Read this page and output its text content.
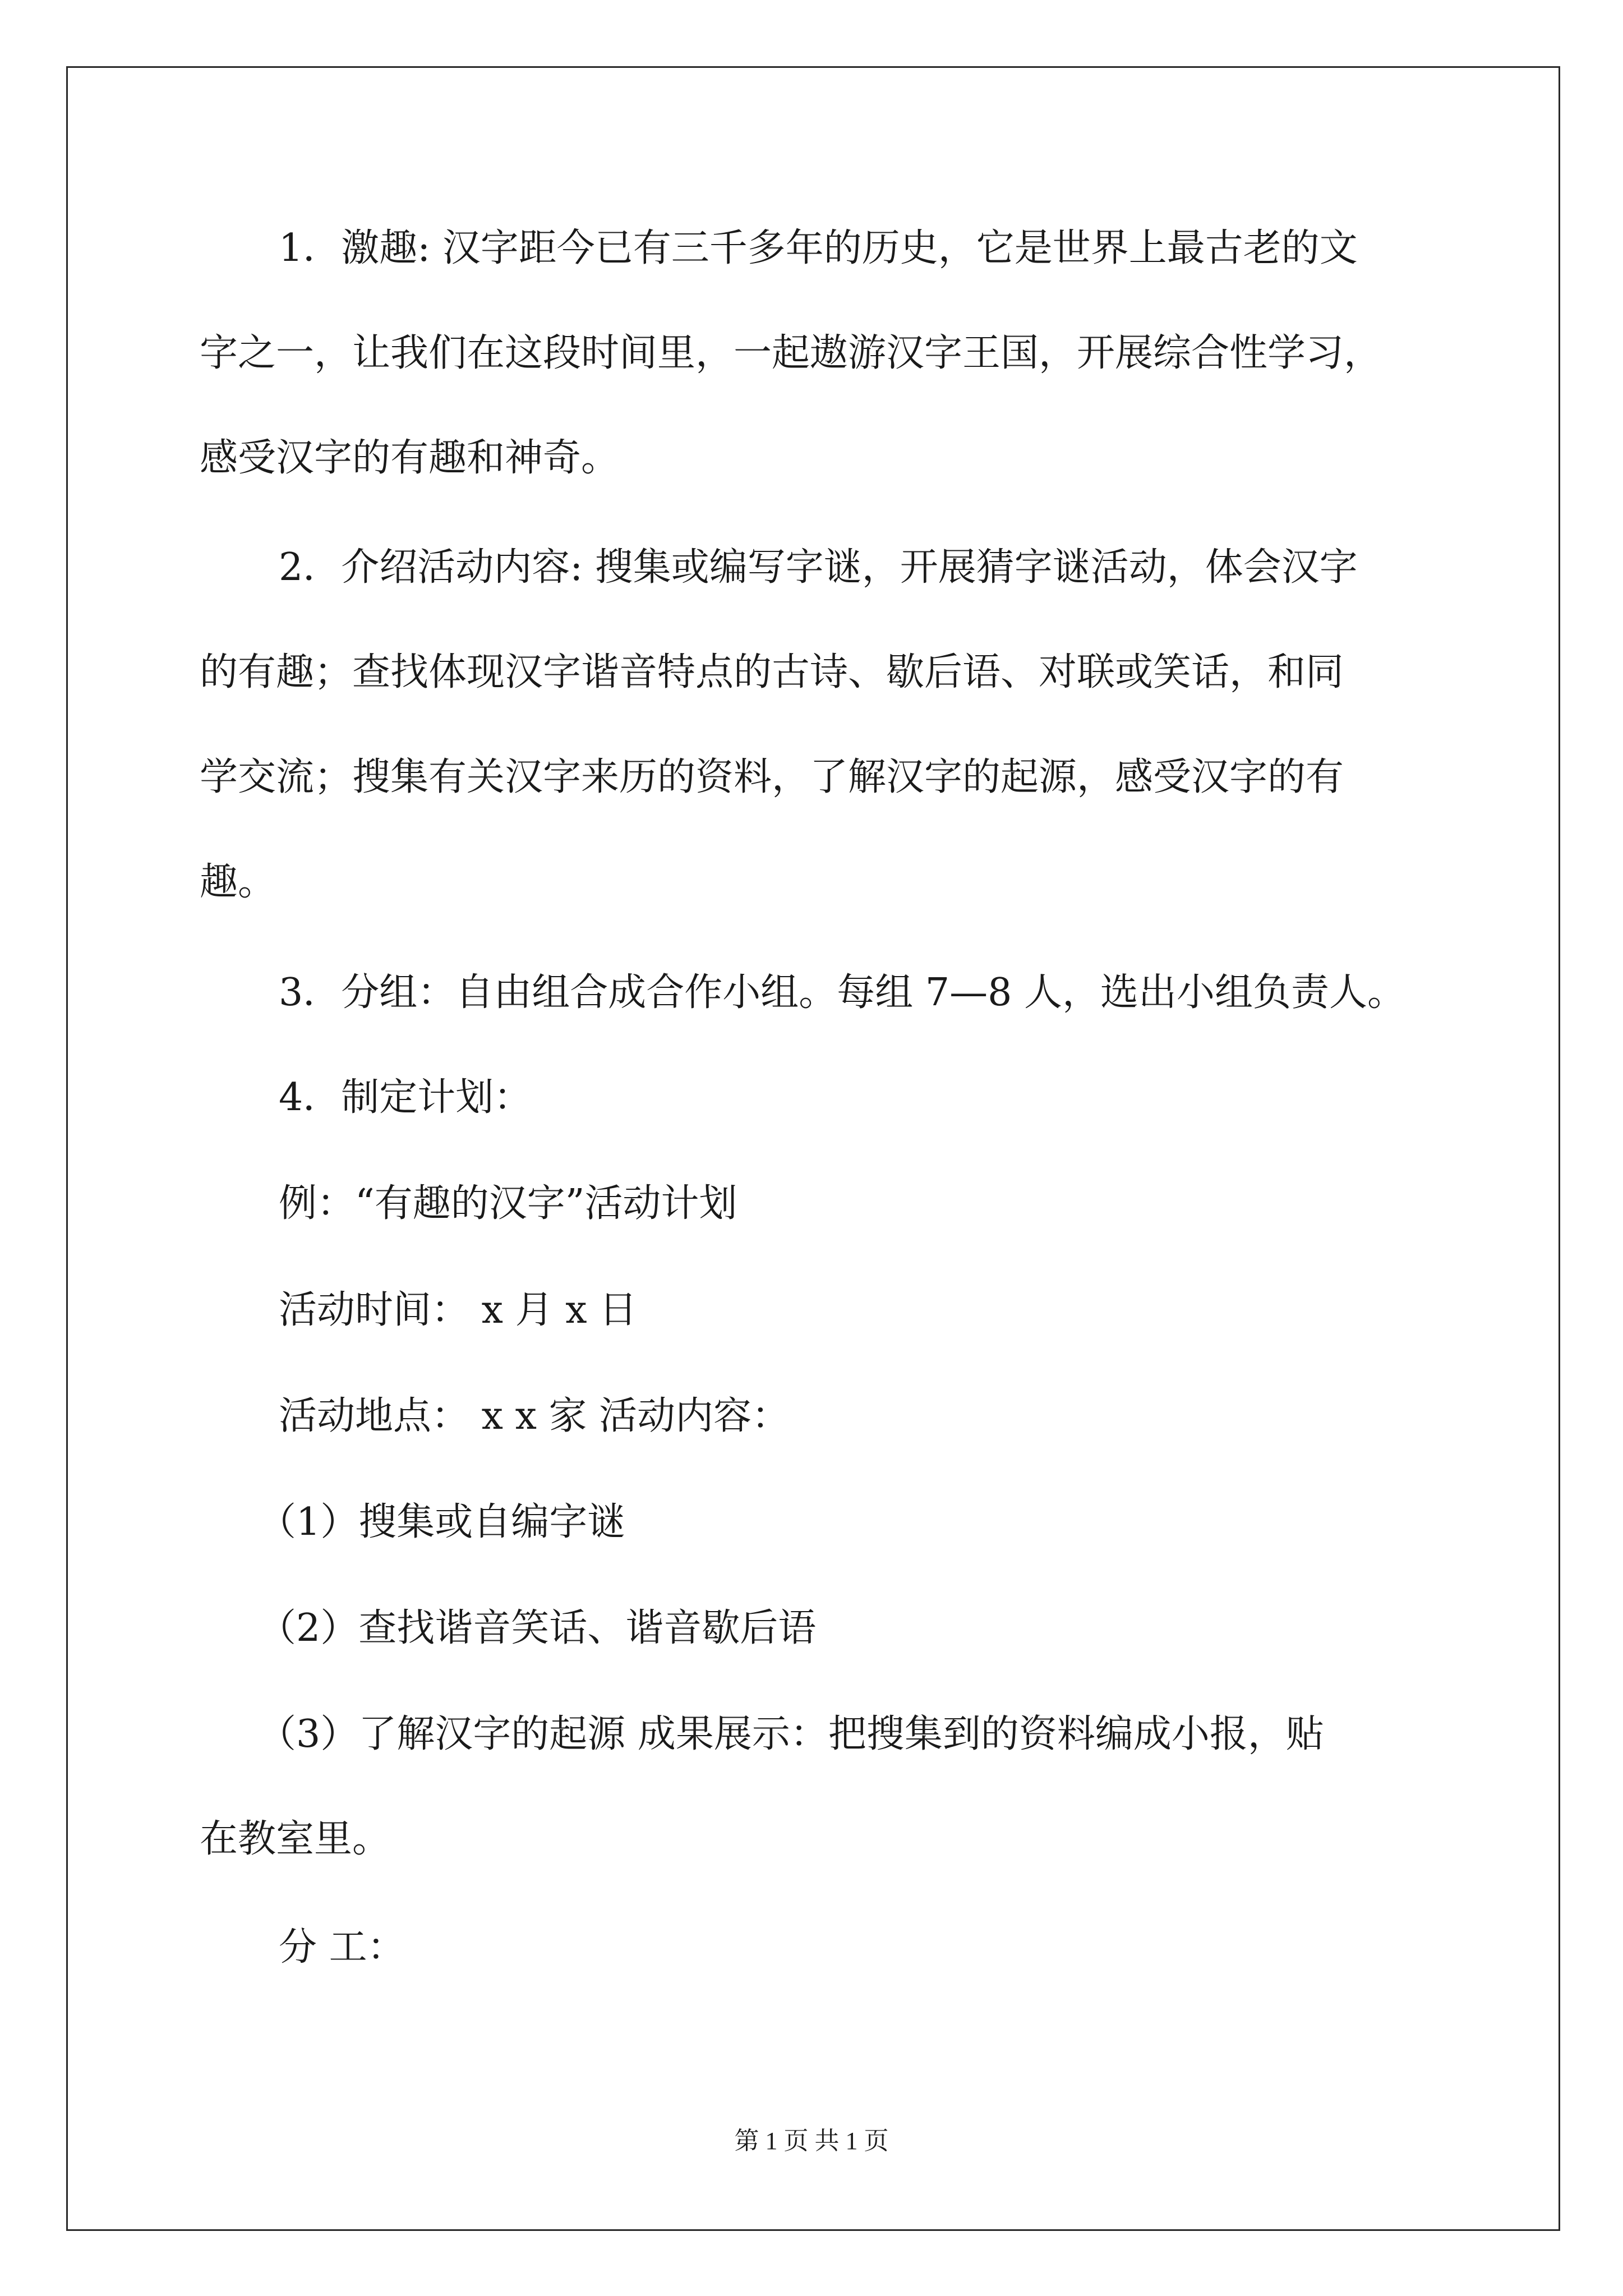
1．激趣: 汉字距今已有三千多年的历史，它是世界上最古老的文

字之一，让我们在这段时间里，一起遨游汉字王国，开展综合性学习，

感受汉字的有趣和神奇。

2．介绍活动内容: 搜集或编写字谜，开展猜字谜活动，体会汉字

的有趣；查找体现汉字谐音特点的古诗、歇后语、对联或笑话，和同

学交流；搜集有关汉字来历的资料，了解汉字的起源，感受汉字的有

趣。

3．分组：自由组合成合作小组。每组 7—8 人，选出小组负责人。

4．制定计划：

例：“有趣的汉字”活动计划

活动时间： x 月 x 日

活动地点： x x 家 活动内容：

（1）搜集或自编字谜

（2）查找谐音笑话、谐音歇后语

（3）了解汉字的起源 成果展示：把搜集到的资料编成小报，贴

在教室里。

分 工：

第 1 页 共 1 页
